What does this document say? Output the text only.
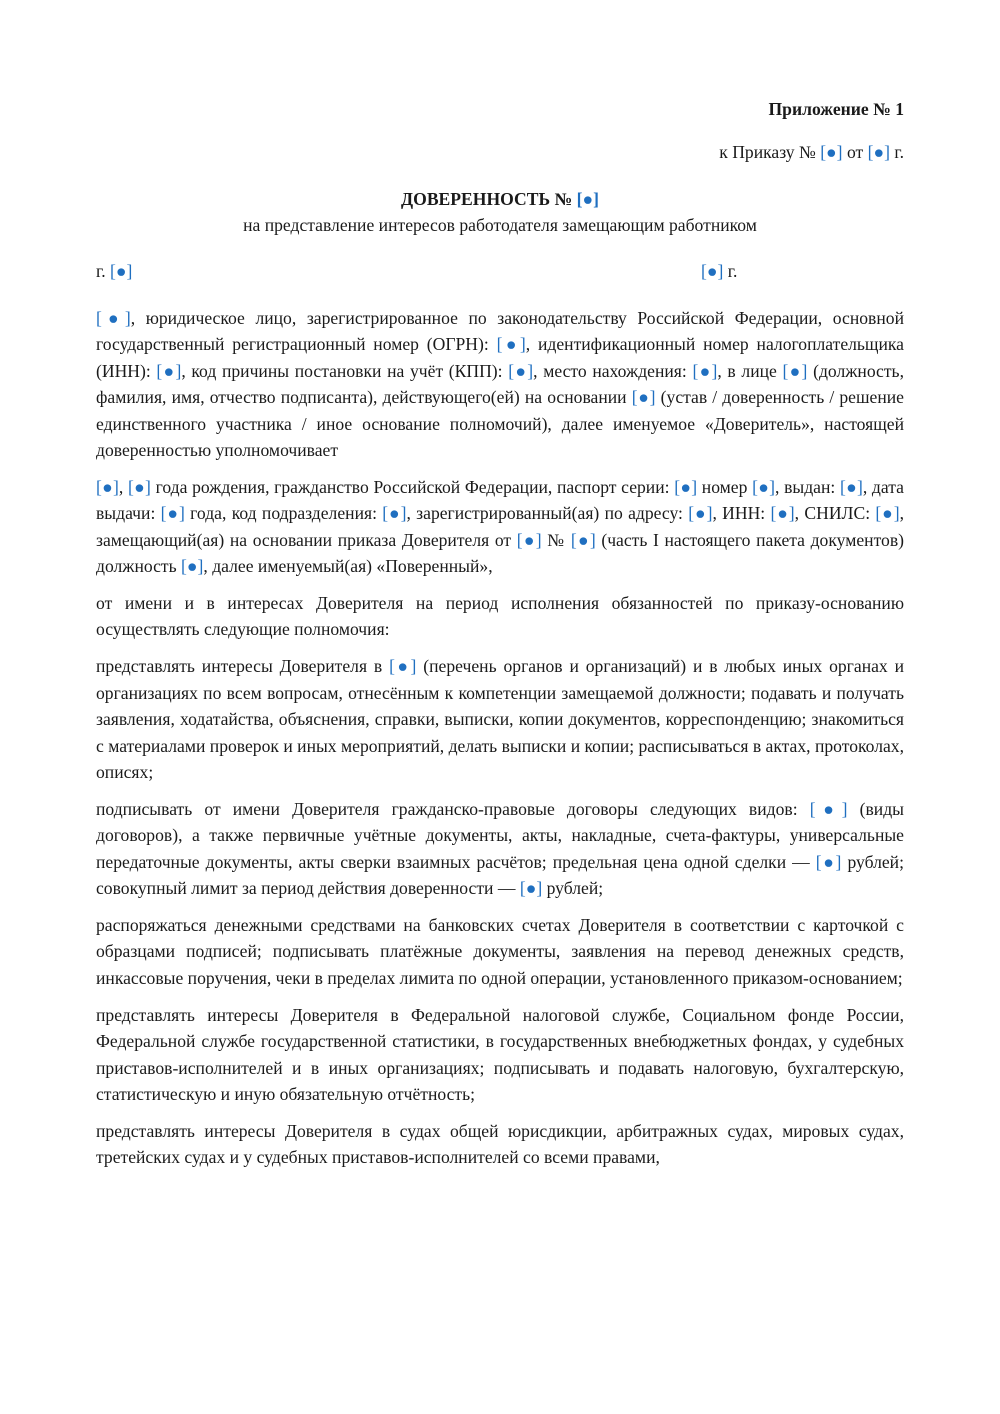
Приложение № 1
к Приказу № [●] от [●] г.
ДОВЕРЕННОСТЬ № [●]
на представление интересов работодателя замещающим работником
г. [●]	[●] г.

[●], юридическое лицо, зарегистрированное по законодательству Российской Федерации, основной государственный регистрационный номер (ОГРН): [●], идентификационный номер налогоплательщика (ИНН): [●], код причины постановки на учёт (КПП): [●], место нахождения: [●], в лице [●] (должность, фамилия, имя, отчество подписанта), действующего(ей) на основании [●] (устав / доверенность / решение единственного участника / иное основание полномочий), далее именуемое «Доверитель», настоящей доверенностью уполномочивает

[●], [●] года рождения, гражданство Российской Федерации, паспорт серии: [●] номер [●], выдан: [●], дата выдачи: [●] года, код подразделения: [●], зарегистрированный(ая) по адресу: [●], ИНН: [●], СНИЛС: [●], замещающий(ая) на основании приказа Доверителя от [●] № [●] (часть I настоящего пакета документов) должность [●], далее именуемый(ая) «Поверенный»,

от имени и в интересах Доверителя на период исполнения обязанностей по приказу-основанию осуществлять следующие полномочия:

представлять интересы Доверителя в [●] (перечень органов и организаций) и в любых иных органах и организациях по всем вопросам, отнесённым к компетенции замещаемой должности; подавать и получать заявления, ходатайства, объяснения, справки, выписки, копии документов, корреспонденцию; знакомиться с материалами проверок и иных мероприятий, делать выписки и копии; расписываться в актах, протоколах, описях;

подписывать от имени Доверителя гражданско-правовые договоры следующих видов: [●] (виды договоров), а также первичные учётные документы, акты, накладные, счета-фактуры, универсальные передаточные документы, акты сверки взаимных расчётов; предельная цена одной сделки — [●] рублей; совокупный лимит за период действия доверенности — [●] рублей;

распоряжаться денежными средствами на банковских счетах Доверителя в соответствии с карточкой с образцами подписей; подписывать платёжные документы, заявления на перевод денежных средств, инкассовые поручения, чеки в пределах лимита по одной операции, установленного приказом-основанием;

представлять интересы Доверителя в Федеральной налоговой службе, Социальном фонде России, Федеральной службе государственной статистики, в государственных внебюджетных фондах, у судебных приставов-исполнителей и в иных организациях; подписывать и подавать налоговую, бухгалтерскую, статистическую и иную обязательную отчётность;

представлять интересы Доверителя в судах общей юрисдикции, арбитражных судах, мировых судах, третейских судах и у судебных приставов-исполнителей со всеми правами,
